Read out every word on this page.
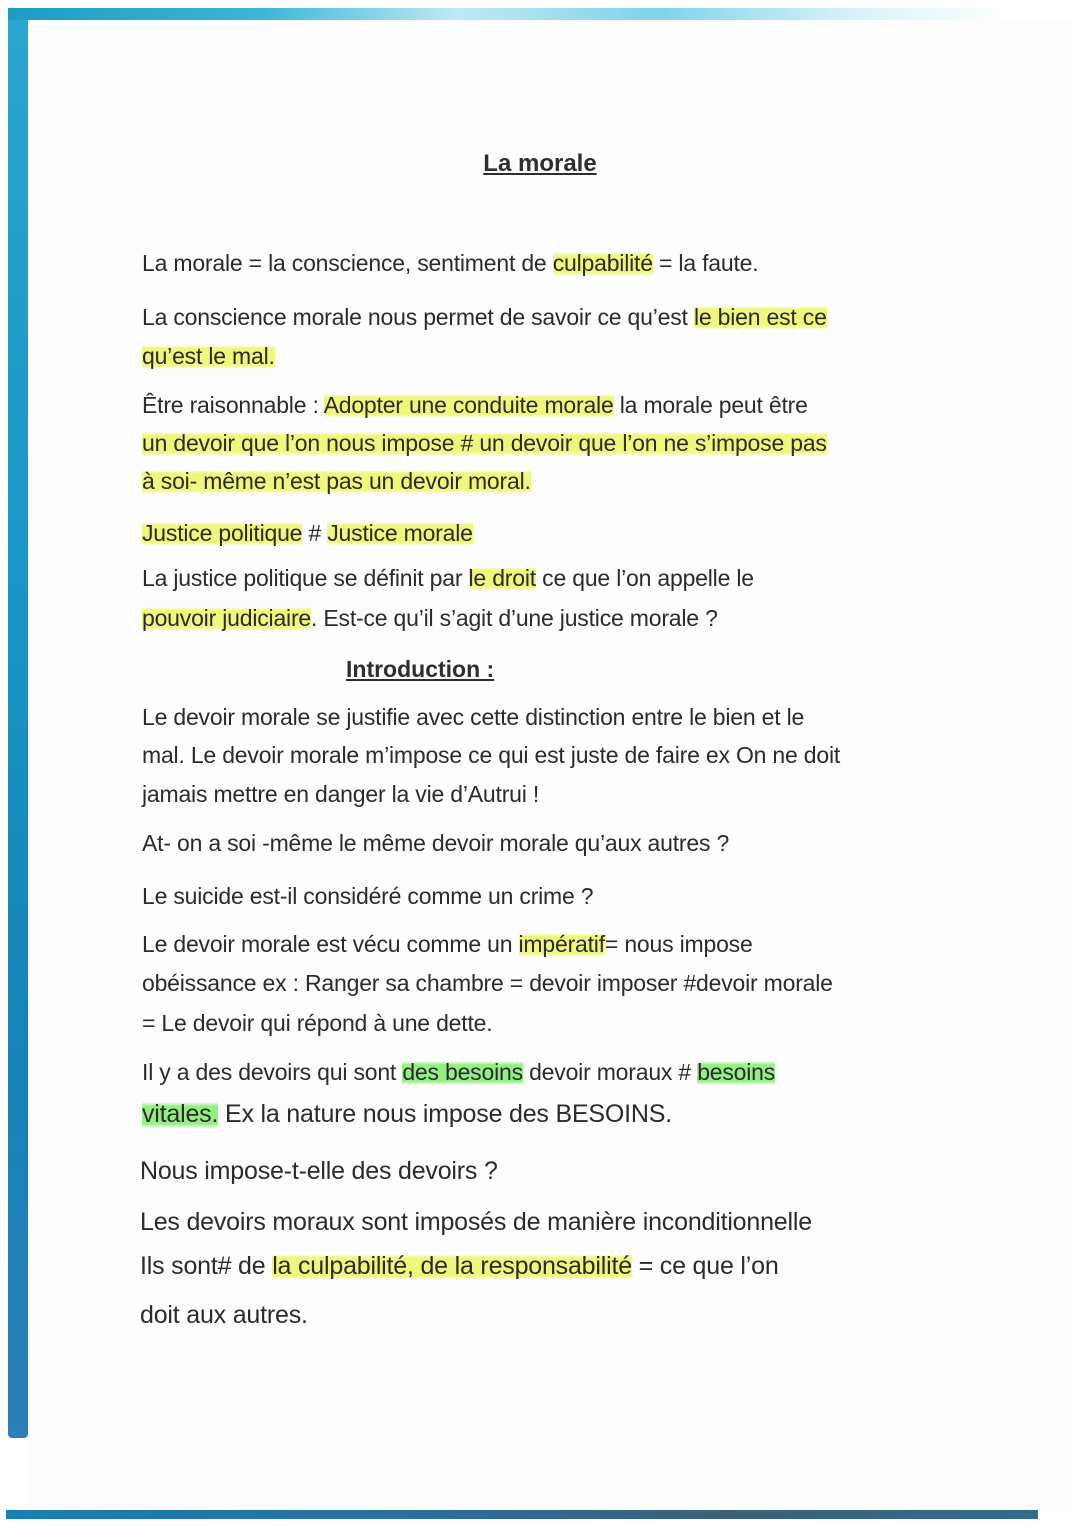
La morale
La morale = la conscience, sentiment de culpabilité = la faute.
La conscience morale nous permet de savoir ce qu’est le bien est ce
qu’est le mal.
Être raisonnable : Adopter une conduite morale la morale peut être
un devoir que l’on nous impose # un devoir que l’on ne s’impose pas
à soi- même n’est pas un devoir moral.
Justice politique # Justice morale
La justice politique se définit par le droit ce que l’on appelle le
pouvoir judiciaire. Est-ce qu’il s’agit d’une justice morale ?
Introduction :
Le devoir morale se justifie avec cette distinction entre le bien et le
mal. Le devoir morale m’impose ce qui est juste de faire ex On ne doit
jamais mettre en danger la vie d’Autrui !
At- on a soi -même le même devoir morale qu’aux autres ?
Le suicide est-il considéré comme un crime ?
Le devoir morale est vécu comme un impératif= nous impose
obéissance ex : Ranger sa chambre = devoir imposer #devoir morale
= Le devoir qui répond à une dette.
Il y a des devoirs qui sont des besoins devoir moraux # besoins
vitales. Ex la nature nous impose des BESOINS.
Nous impose-t-elle des devoirs ?
Les devoirs moraux sont imposés de manière inconditionnelle
Ils sont# de la culpabilité, de la responsabilité = ce que l’on
doit aux autres.
